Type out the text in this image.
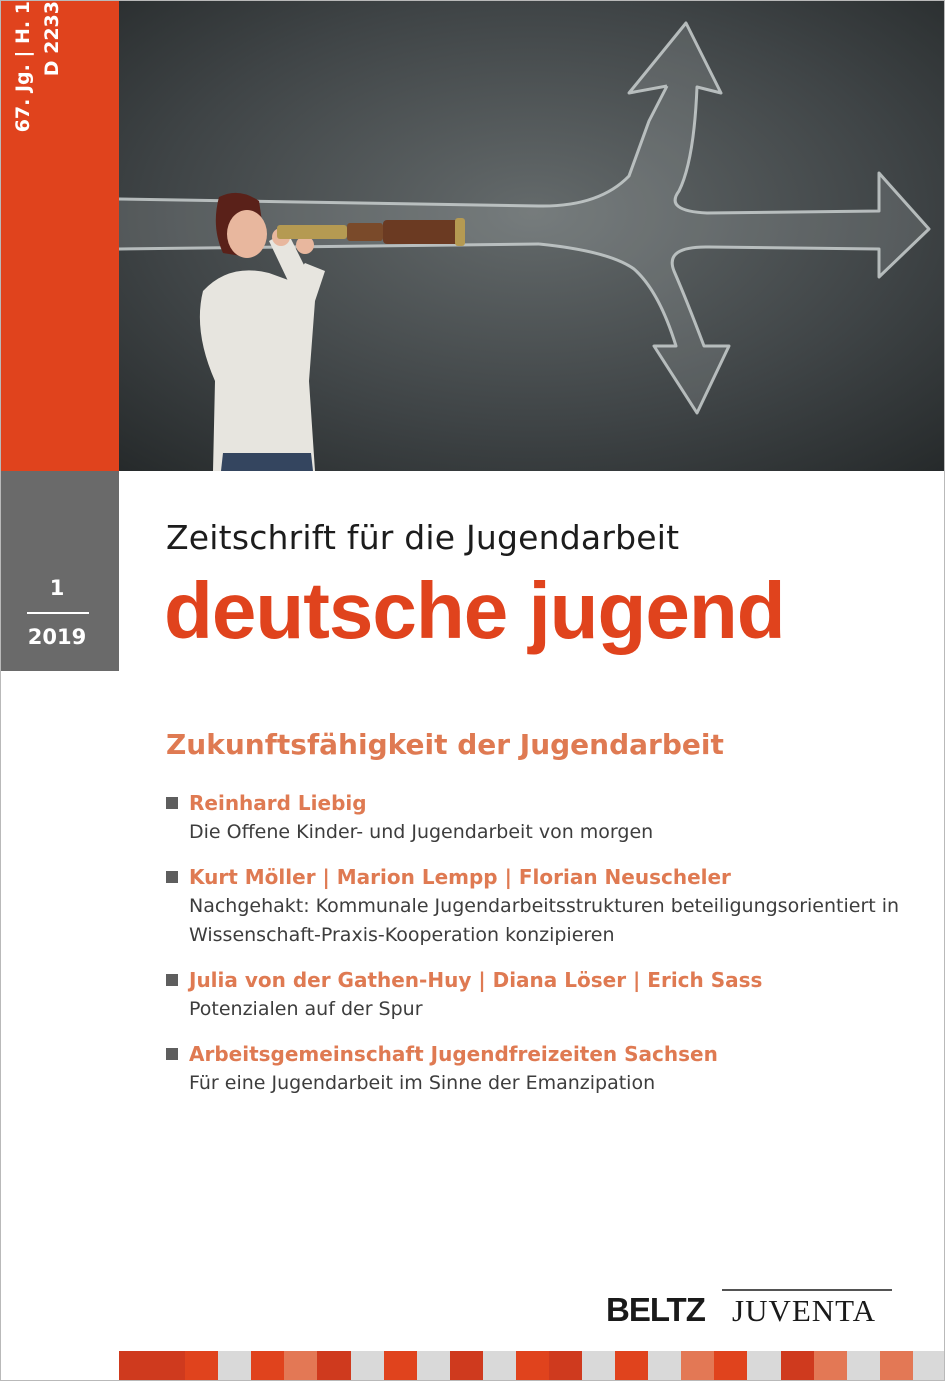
67. Jg. | H. 1 D 2233
1
2019
Zeitschrift für die Jugendarbeit
deutsche jugend
Zukunftsfähigkeit der Jugendarbeit
Reinhard Liebig
Die Offene Kinder- und Jugendarbeit von morgen
Kurt Möller | Marion Lempp | Florian Neuscheler
Nachgehakt: Kommunale Jugendarbeitsstrukturen beteiligungsorientiert in Wissenschaft-Praxis-Kooperation konzipieren
Julia von der Gathen-Huy | Diana Löser | Erich Sass
Potenzialen auf der Spur
Arbeitsgemeinschaft Jugendfreizeiten Sachsen
Für eine Jugendarbeit im Sinne der Emanzipation
BELTZ JUVENTA
